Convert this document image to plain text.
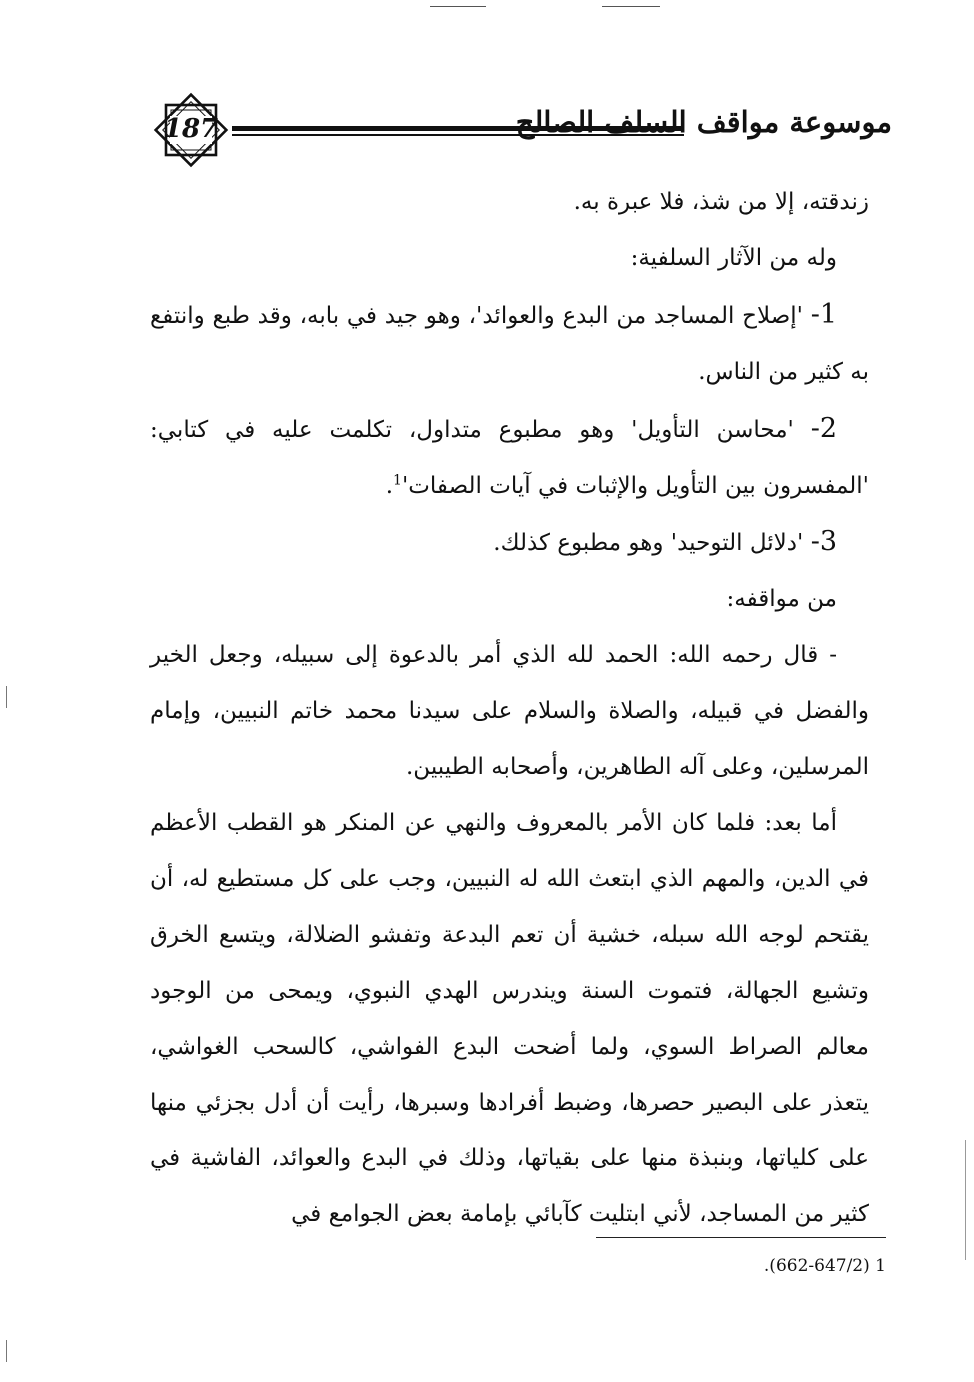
187	موسوعة مواقف السلف الصالح

زندقته، إلا من شذ، فلا عبرة به.

وله من الآثار السلفية:

1- 'إصلاح المساجد من البدع والعوائد'، وهو جيد في بابه، وقد طبع وانتفع به كثير من الناس.

2- 'محاسن التأويل' وهو مطبوع متداول، تكلمت عليه في كتابي: 'المفسرون بين التأويل والإثبات في آيات $الصفات'^1$.

3- 'دلائل التوحيد' وهو مطبوع كذلك.

من مواقفه:

- قال رحمه الله: الحمد لله الذي أمر بالدعوة إلى سبيله، وجعل الخير والفضل في قبيله، والصلاة والسلام على سيدنا محمد خاتم النبيين، وإمام المرسلين، وعلى آله الطاهرين، وأصحابه الطيبين.

أما بعد: فلما كان الأمر بالمعروف والنهي عن المنكر هو القطب الأعظم في الدين، والمهم الذي ابتعث الله له النبيين، وجب على كل مستطيع له، أن يقتحم لوجه الله سبله، خشية أن تعم البدعة وتفشو الضلالة، ويتسع الخرق وتشيع الجهالة، فتموت السنة ويندرس الهدي النبوي، ويمحى من الوجود معالم الصراط السوي، ولما أضحت البدع الفواشي، كالسحب الغواشي، يتعذر على البصير حصرها، وضبط أفرادها وسبرها، رأيت أن أدل بجزئي منها على كلياتها، وبنبذة منها على بقياتها، وذلك في البدع والعوائد، الفاشية في كثير من المساجد، لأني ابتليت كآبائي بإمامة بعض الجوامع في

1 (662-647/2).
